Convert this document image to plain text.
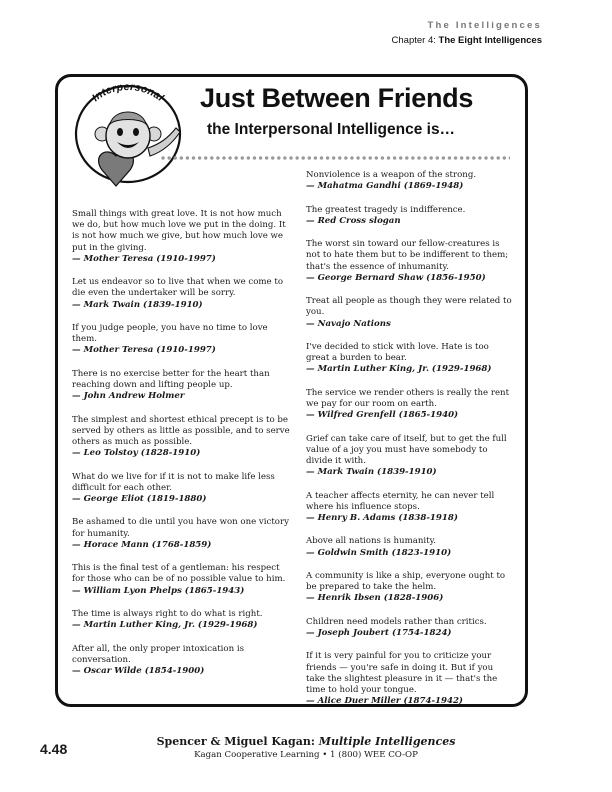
The Intelligences
Chapter 4: The Eight Intelligences
Interpersonal Just Between Friends
the Interpersonal Intelligence is…
Small things with great love. It is not how much we do, but how much love we put in the doing. It is not how much we give, but how much love we put in the giving.
— Mother Teresa (1910-1997)
Let us endeavor so to live that when we come to die even the undertaker will be sorry.
— Mark Twain (1839-1910)
If you judge people, you have no time to love them.
— Mother Teresa (1910-1997)
There is no exercise better for the heart than reaching down and lifting people up.
— John Andrew Holmer
The simplest and shortest ethical precept is to be served by others as little as possible, and to serve others as much as possible.
— Leo Tolstoy (1828-1910)
What do we live for if it is not to make life less difficult for each other.
— George Eliot (1819-1880)
Be ashamed to die until you have won one victory for humanity.
— Horace Mann (1768-1859)
This is the final test of a gentleman: his respect for those who can be of no possible value to him.
— William Lyon Phelps (1865-1943)
The time is always right to do what is right.
— Martin Luther King, Jr. (1929-1968)
After all, the only proper intoxication is conversation.
— Oscar Wilde (1854-1900)
Nonviolence is a weapon of the strong.
— Mahatma Gandhi (1869-1948)
The greatest tragedy is indifference.
— Red Cross slogan
The worst sin toward our fellow-creatures is not to hate them but to be indifferent to them; that's the essence of inhumanity.
— George Bernard Shaw (1856-1950)
Treat all people as though they were related to you.
— Navajo Nations
I've decided to stick with love. Hate is too great a burden to bear.
— Martin Luther King, Jr. (1929-1968)
The service we render others is really the rent we pay for our room on earth.
— Wilfred Grenfell (1865-1940)
Grief can take care of itself, but to get the full value of a joy you must have somebody to divide it with.
— Mark Twain (1839-1910)
A teacher affects eternity, he can never tell where his influence stops.
— Henry B. Adams (1838-1918)
Above all nations is humanity.
— Goldwin Smith (1823-1910)
A community is like a ship, everyone ought to be prepared to take the helm.
— Henrik Ibsen (1828-1906)
Children need models rather than critics.
— Joseph Joubert (1754-1824)
If it is very painful for you to criticize your friends — you're safe in doing it. But if you take the slightest pleasure in it — that's the time to hold your tongue.
— Alice Duer Miller (1874-1942)
4.48	Spencer & Miguel Kagan: Multiple Intelligences
Kagan Cooperative Learning • 1 (800) WEE CO-OP
